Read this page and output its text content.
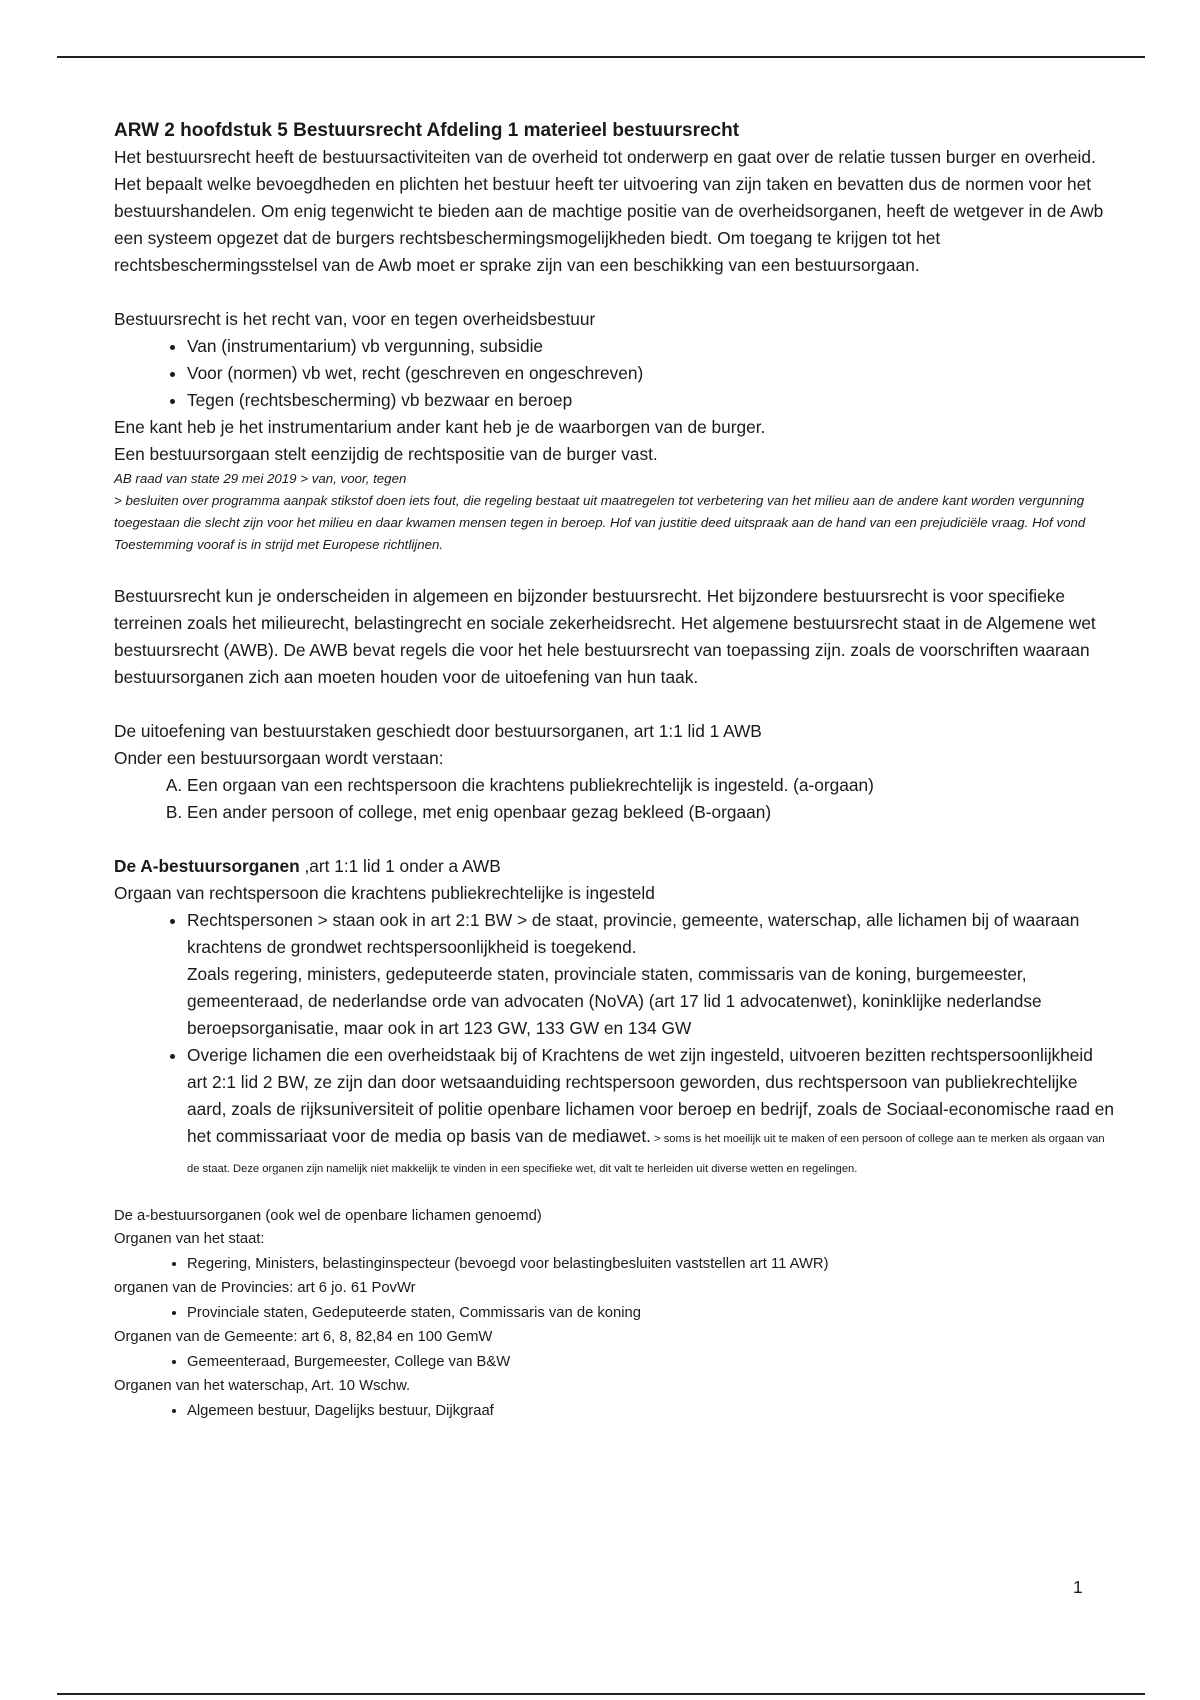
ARW 2 hoofdstuk 5 Bestuursrecht Afdeling 1 materieel bestuursrecht

Het bestuursrecht heeft de bestuursactiviteiten van de overheid tot onderwerp en gaat over de relatie tussen burger en overheid. Het bepaalt welke bevoegdheden en plichten het bestuur heeft ter uitvoering van zijn taken en bevatten dus de normen voor het bestuurshandelen. Om enig tegenwicht te bieden aan de machtige positie van de overheidsorganen, heeft de wetgever in de Awb een systeem opgezet dat de burgers rechtsbeschermingsmogelijkheden biedt. Om toegang te krijgen tot het rechtsbeschermingsstelsel van de Awb moet er sprake zijn van een beschikking van een bestuursorgaan.

Bestuursrecht is het recht van, voor en tegen overheidsbestuur

• Van (instrumentarium) vb vergunning, subsidie
• Voor (normen) vb wet, recht (geschreven en ongeschreven)
• Tegen (rechtsbescherming) vb bezwaar en beroep

Ene kant heb je het instrumentarium ander kant heb je de waarborgen van de burger.

Een bestuursorgaan stelt eenzijdig de rechtspositie van de burger vast.

AB raad van state 29 mei 2019 > van, voor, tegen

> besluiten over programma aanpak stikstof doen iets fout, die regeling bestaat uit maatregelen tot verbetering van het milieu aan de andere kant worden vergunning toegestaan die slecht zijn voor het milieu en daar kwamen mensen tegen in beroep. Hof van justitie deed uitspraak aan de hand van een prejudiciële vraag. Hof vond Toestemming vooraf is in strijd met Europese richtlijnen.

Bestuursrecht kun je onderscheiden in algemeen en bijzonder bestuursrecht. Het bijzondere bestuursrecht is voor specifieke terreinen zoals het milieurecht, belastingrecht en sociale zekerheidsrecht. Het algemene bestuursrecht staat in de Algemene wet bestuursrecht (AWB). De AWB bevat regels die voor het hele bestuursrecht van toepassing zijn. zoals de voorschriften waaraan bestuursorganen zich aan moeten houden voor de uitoefening van hun taak.

De uitoefening van bestuurstaken geschiedt door bestuursorganen, art 1:1 lid 1 AWB

Onder een bestuursorgaan wordt verstaan:

A. Een orgaan van een rechtspersoon die krachtens publiekrechtelijk is ingesteld. (a-orgaan)
B. Een ander persoon of college, met enig openbaar gezag bekleed (B-orgaan)

De A-bestuursorganen ,art 1:1 lid 1 onder a AWB

Orgaan van rechtspersoon die krachtens publiekrechtelijke is ingesteld

• Rechtspersonen > staan ook in art 2:1 BW > de staat, provincie, gemeente, waterschap, alle lichamen bij of waaraan krachtens de grondwet rechtspersoonlijkheid is toegekend.
Zoals regering, ministers, gedeputeerde staten, provinciale staten, commissaris van de koning, burgemeester, gemeenteraad, de nederlandse orde van advocaten (NoVA) (art 17 lid 1 advocatenwet), koninklijke nederlandse beroepsorganisatie, maar ook in art 123 GW, 133 GW en 134 GW
• Overige lichamen die een overheidstaak bij of Krachtens de wet zijn ingesteld, uitvoeren bezitten rechtspersoonlijkheid art 2:1 lid 2 BW, ze zijn dan door wetsaanduiding rechtspersoon geworden, dus rechtspersoon van publiekrechtelijke aard, zoals de rijksuniversiteit of politie openbare lichamen voor beroep en bedrijf, zoals de Sociaal-economische raad en het commissariaat voor de media op basis van de mediawet. > soms is het moeilijk uit te maken of een persoon of college aan te merken als orgaan van de staat. Deze organen zijn namelijk niet makkelijk te vinden in een specifieke wet, dit valt te herleiden uit diverse wetten en regelingen.

De a-bestuursorganen (ook wel de openbare lichamen genoemd)

Organen van het staat:

• Regering, Ministers, belastinginspecteur (bevoegd voor belastingbesluiten vaststellen art 11 AWR)

organen van de Provincies: art 6 jo. 61 PovWr

• Provinciale staten, Gedeputeerde staten, Commissaris van de koning

Organen van de Gemeente: art 6, 8, 82,84 en 100 GemW

• Gemeenteraad, Burgemeester, College van B&W

Organen van het waterschap, Art. 10 Wschw.

• Algemeen bestuur, Dagelijks bestuur, Dijkgraaf
1
